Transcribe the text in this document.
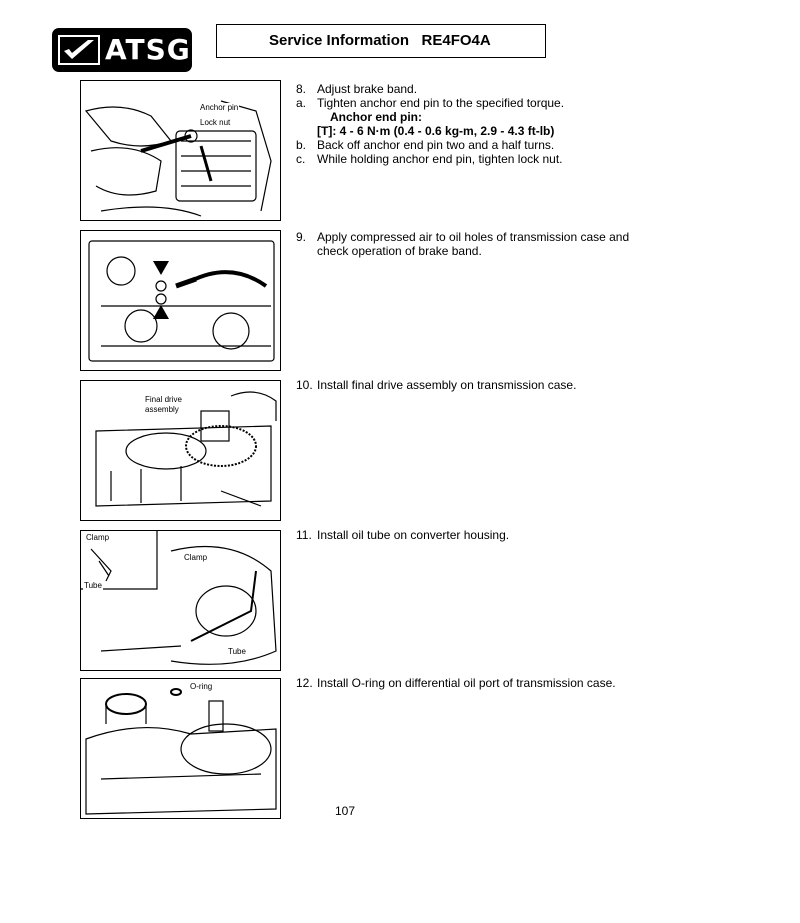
ATSG	Service Information   RE4FO4A
Anchor pin
Lock nut
Final drive
assembly
Clamp
Tube
Clamp
Tube
O-ring
8. Adjust brake band.
a. Tighten anchor end pin to the specified torque.
Anchor end pin:
[T]: 4 - 6 N·m (0.4 - 0.6 kg-m, 2.9 - 4.3 ft-lb)
b. Back off anchor end pin two and a half turns.
c. While holding anchor end pin, tighten lock nut.
9. Apply compressed air to oil holes of transmission case and check operation of brake band.
10. Install final drive assembly on transmission case.
11. Install oil tube on converter housing.
12. Install O-ring on differential oil port of transmission case.
107
